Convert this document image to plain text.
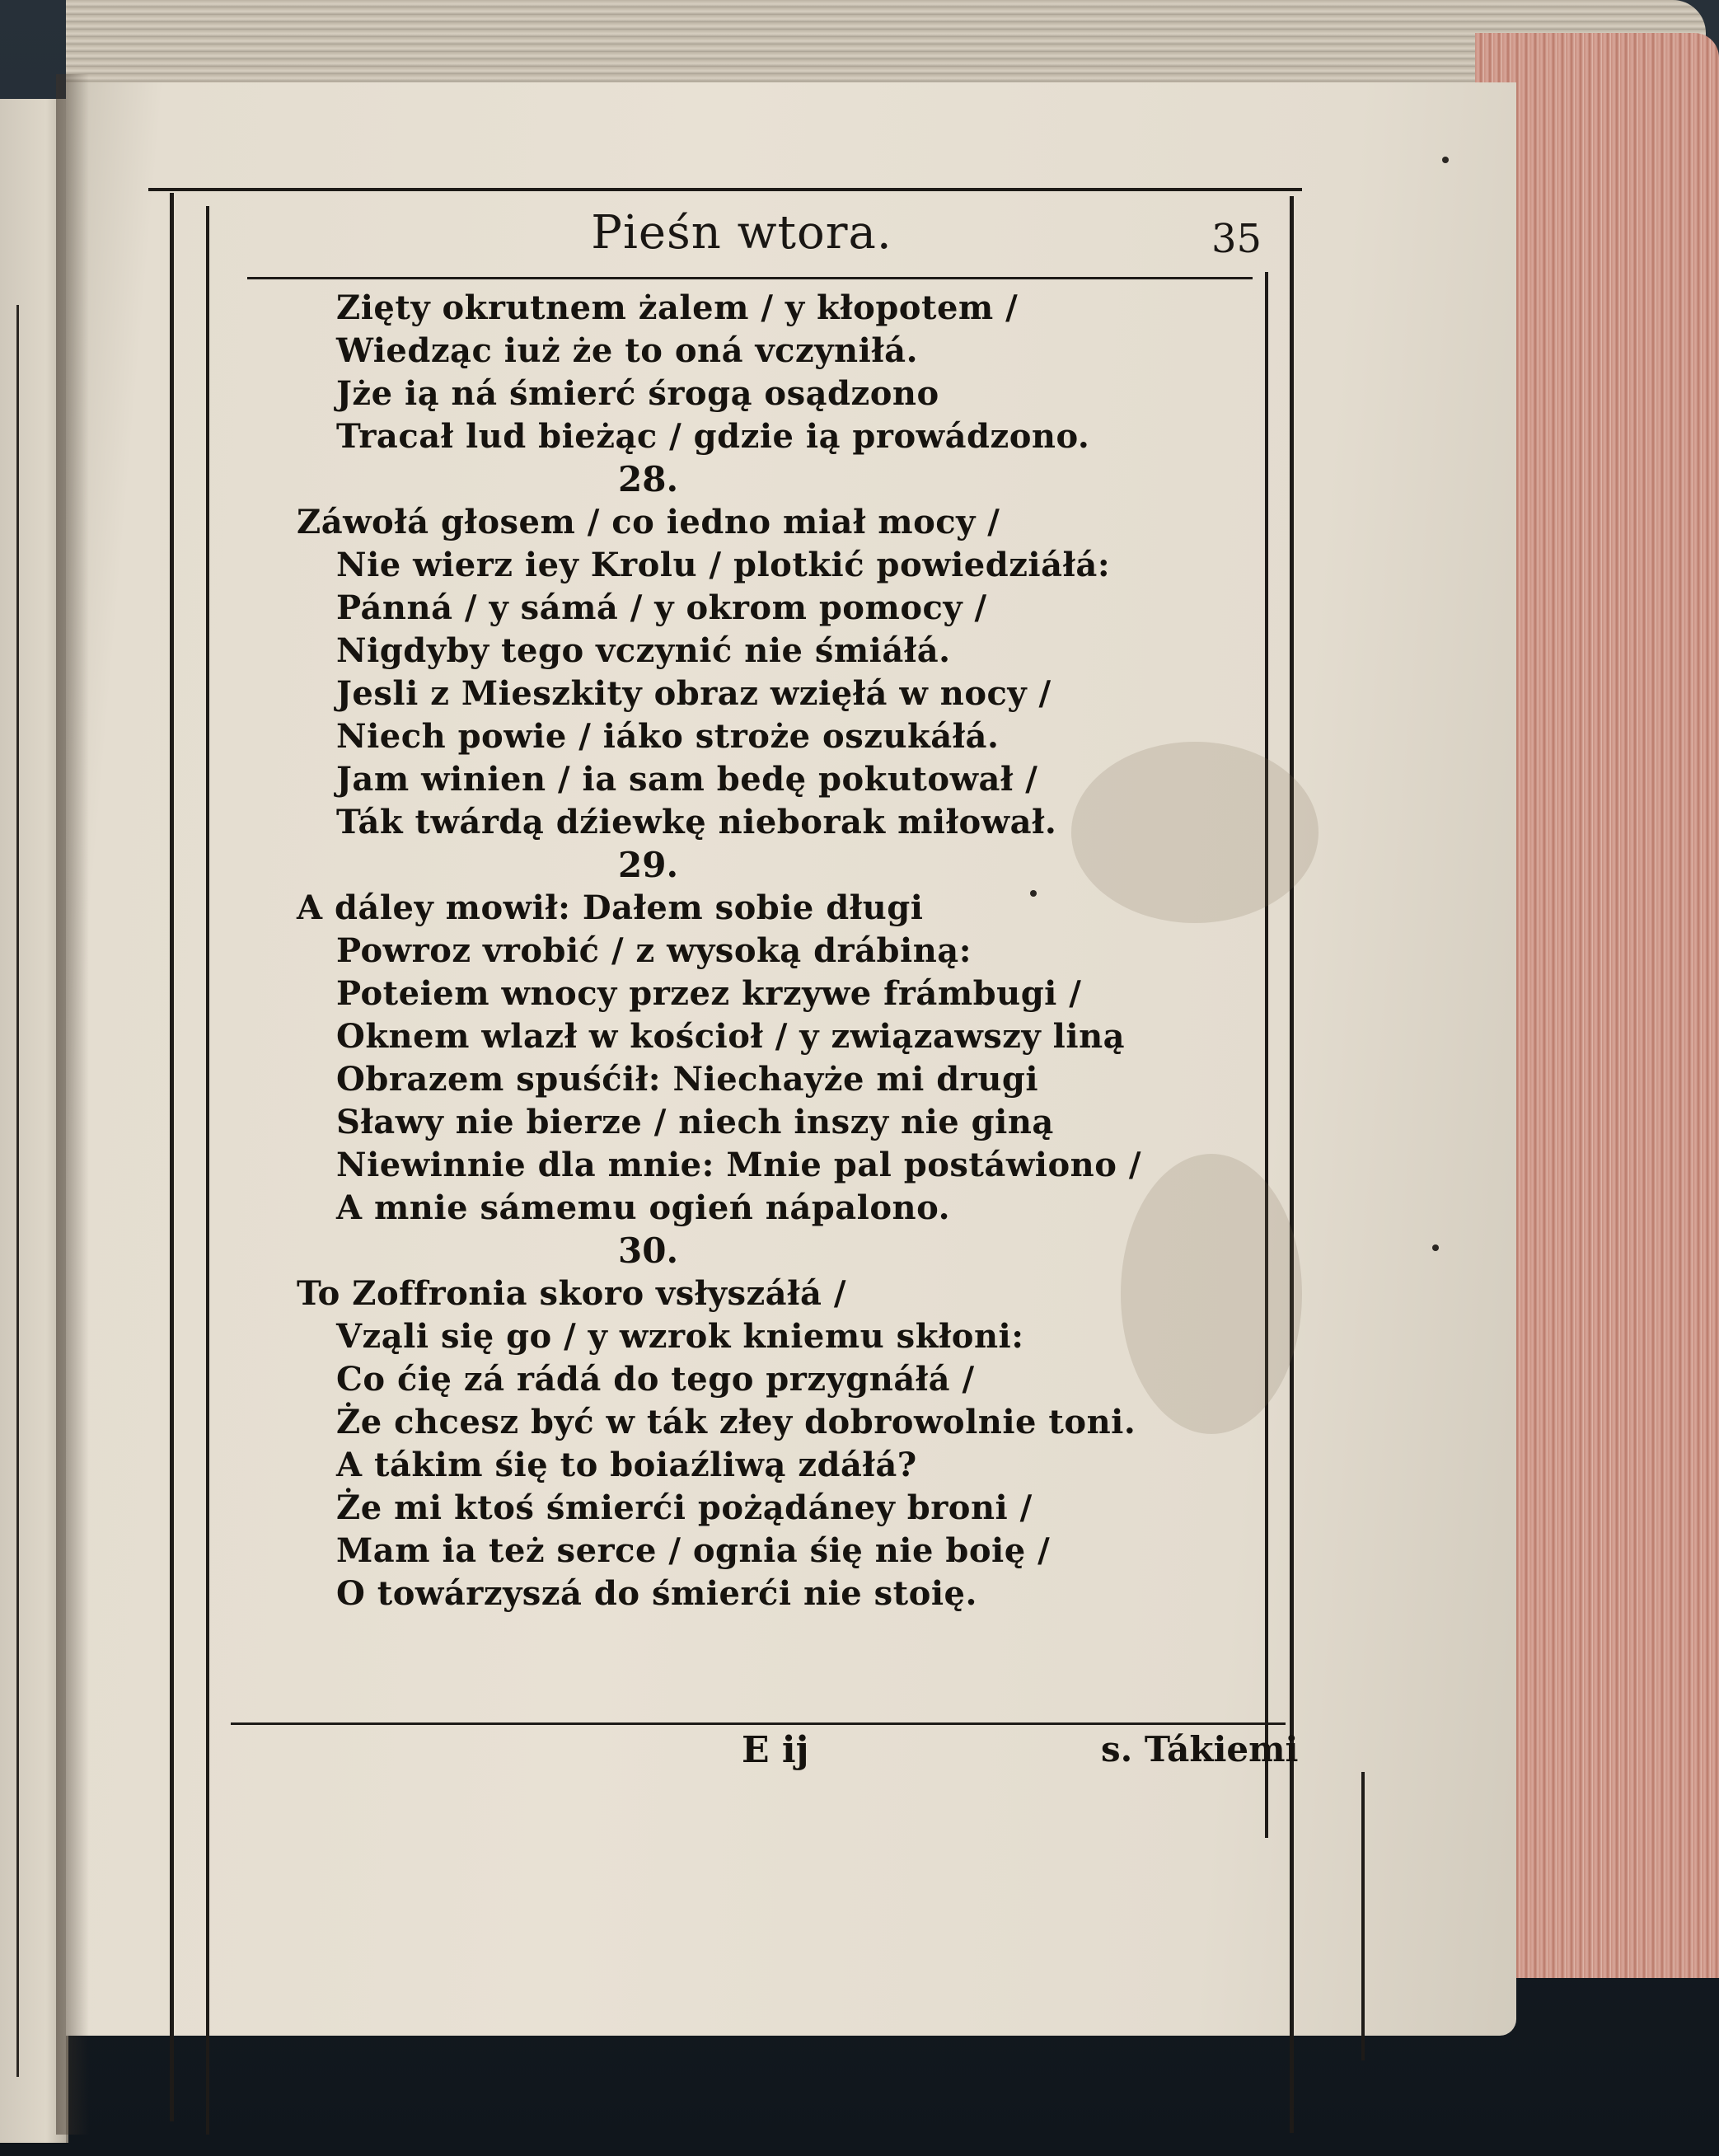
Pieśn wtora.	35
Zięty okrutnem żalem / y kłopotem /
Wiedząc iuż że to oná vczyniłá.
Jże ią ná śmierć śrogą osądzono
Tracał lud bieżąc / gdzie ią prowádzono.
28.
Záwołá głosem / co iedno miał mocy /
Nie wierz iey Krolu / plotkić powiedziáłá:
Pánná / y sámá / y okrom pomocy /
Nigdyby tego vczynić nie śmiáłá.
Jesli z Mieszkity obraz wzięłá w nocy /
Niech powie / iáko stroże oszukáłá.
Jam winien / ia sam bedę pokutował /
Ták twárdą dźiewkę nieborak miłował.
29.
A dáley mowił: Dałem sobie długi
Powroz vrobić / z wysoką drábiną:
Poteiem wnocy przez krzywe frámbugi /
Oknem wlazł w kościoł / y związawszy liną
Obrazem spuśćił: Niechayże mi drugi
Sławy nie bierze / niech inszy nie giną
Niewinnie dla mnie: Mnie pal postáwiono /
A mnie sámemu ogień nápalono.
30.
To Zoffronia skoro vsłyszáłá /
Vząli się go / y wzrok kniemu skłoni:
Co ćię zá rádá do tego przygnáłá /
Że chcesz być w ták złey dobrowolnie toni.
A tákim śię to boiaźliwą zdáłá?
Że mi ktoś śmierći pożądáney broni /
Mam ia też serce / ognia śię nie boię /
O towárzyszá do śmierći nie stoię.
E ij	s. Tákiemi
